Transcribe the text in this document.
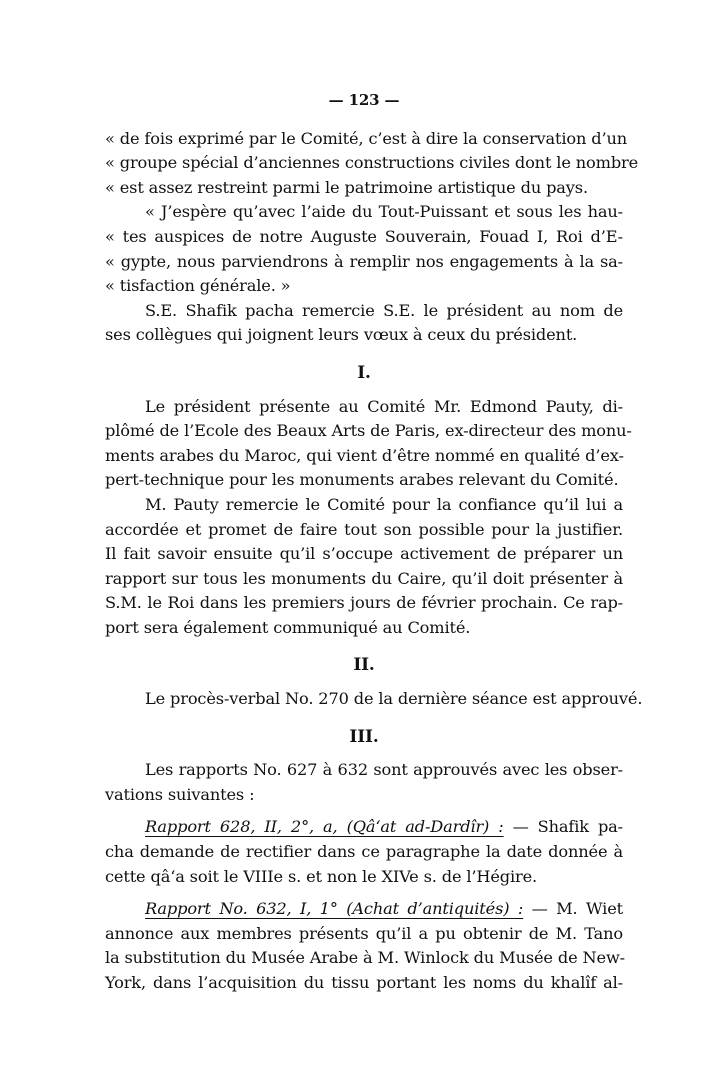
— 123 —
« de fois exprimé par le Comité, c’est à dire la conservation d’un
« groupe spécial d’anciennes constructions civiles dont le nombre
« est assez restreint parmi le patrimoine artistique du pays.
« J’espère qu’avec l’aide du Tout-Puissant et sous les hau-
« tes auspices de notre Auguste Souverain, Fouad I, Roi d’E-
« gypte, nous parviendrons à remplir nos engagements à la sa-
« tisfaction générale. »
S.E. Shafik pacha remercie S.E. le président au nom de
ses collègues qui joignent leurs vœux à ceux du président.
I.
Le président présente au Comité Mr. Edmond Pauty, di-
plômé de l’Ecole des Beaux Arts de Paris, ex-directeur des monu-
ments arabes du Maroc, qui vient d’être nommé en qualité d’ex-
pert-technique pour les monuments arabes relevant du Comité.
M. Pauty remercie le Comité pour la confiance qu’il lui a
accordée et promet de faire tout son possible pour la justifier.
Il fait savoir ensuite qu’il s’occupe activement de préparer un
rapport sur tous les monuments du Caire, qu’il doit présenter à
S.M. le Roi dans les premiers jours de février prochain. Ce rap-
port sera également communiqué au Comité.
II.
Le procès-verbal No. 270 de la dernière séance est approuvé.
III.
Les rapports No. 627 à 632 sont approuvés avec les obser-
vations suivantes :
Rapport 628, II, 2°, a, (Qâ‘at ad-Dardîr) : — Shafik pa-
cha demande de rectifier dans ce paragraphe la date donnée à
cette qâ‘a soit le VIIIe s. et non le XIVe s. de l’Hégire.
Rapport No. 632, I, 1° (Achat d’antiquités) : — M. Wiet
annonce aux membres présents qu’il a pu obtenir de M. Tano
la substitution du Musée Arabe à M. Winlock du Musée de New-
York, dans l’acquisition du tissu portant les noms du khalîf al-
